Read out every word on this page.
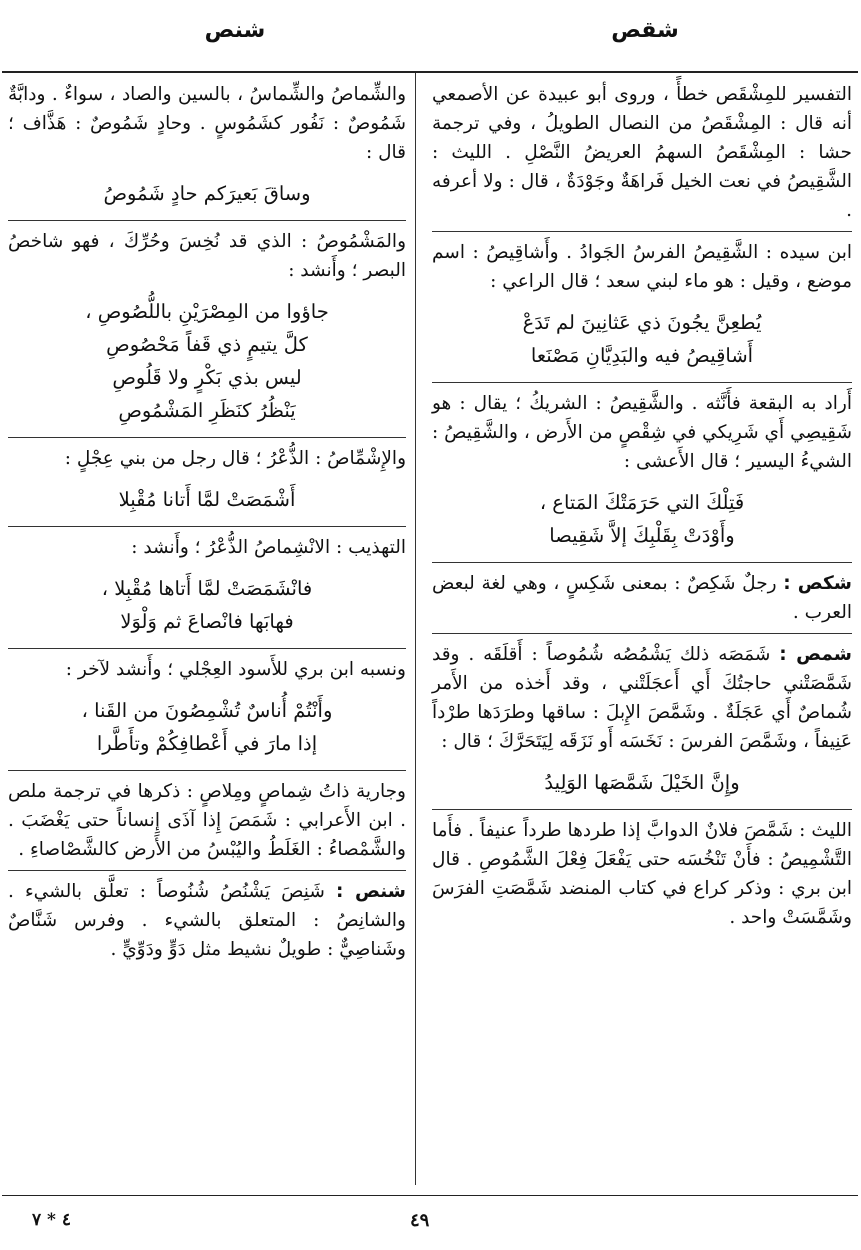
شقص
شنص

التفسير للمِشْقَص خطأً ، وروى أبو عبيدة عن الأصمعي أنه قال : المِشْقَصُ من النصال الطويلُ ، وفي ترجمة حشا : المِشْقَصُ السهمُ العريضُ النَّصْلِ . الليث : الشَّقِيصُ في نعت الخيل فَراهَةٌ وجَوْدَةٌ ، قال : ولا أعرفه .

ابن سيده : الشَّقِيصُ الفرسُ الجَوادُ . وأَشاقِيصُ : اسم موضع ، وقيل : هو ماء لبني سعد ؛ قال الراعي :

يُطعِنَّ يجُونَ ذي عَثانِينَ لم تَدَعْ
أَشاقِيصُ فيه والبَدِيَّانِ مَصْنَعا

أَراد به البقعة فأَنَّثه . والشَّقِيصُ : الشريكُ ؛ يقال : هو شَقِيصِي أَي شَرِيكي في شِقْصٍ من الأَرض ، والشَّقِيصُ : الشيءُ اليسير ؛ قال الأَعشى :

فَتِلْكَ التي حَرَمَتْكَ المَتاع ،
وأَوْدَتْ بِقَلْبِكَ إلاَّ شَقِيصا

شكص : رجلٌ شَكِصٌ : بمعنى شَكِسٍ ، وهي لغة لبعض العرب .

شمص : شَمَصَه ذلك يَشْمُصُه شُمُوصاً : أَقلَقَه . وقد شَمَّصَتْني حاجتُكَ أَي أَعجَلَتْني ، وقد أَخذه من الأَمر شُماصٌ أَي عَجَلَةٌ . وشَمَّصَ الإِبلَ : ساقها وطرَدَها طرْداً عَنِيفاً ، وشَمَّصَ الفرسَ : نَخَسَه أَو نَزَقَه لِيَتَحَرَّكَ ؛ قال :

وإِنَّ الخَيْلَ شَمَّصَها الوَلِيدُ

الليث : شَمَّصَ فلانٌ الدوابَّ إذا طردها طرداً عنيفاً . فأَما التَّشْمِيصُ : فأَنْ تَنْخُسَه حتى يَفْعَلَ فِعْلَ الشَّمُوصِ . قال ابن بري : وذكر كراع في كتاب المنضد شَمَّصَتِ الفرَسَ وشَمَّسَتْ واحد .

والشِّماصُ والشِّماسُ ، بالسين والصاد ، سواءٌ . ودابَّةٌ شَمُوصٌ : نَفُور كشَمُوسٍ . وحادٍ شَمُوصٌ : هَذَّاف ؛ قال :

وساقَ بَعيرَكم حادٍ شَمُوصُ

والمَشْمُوصُ : الذي قد نُخِسَ وحُرِّكَ ، فهو شاخصُ البصر ؛ وأَنشد :

جاؤوا من المِصْرَيْنِ باللُّصُوصِ ،
كلَّ يتيمٍ ذي قَفاً مَحْصُوصِ
ليس بذي بَكْرٍ ولا قَلُوصِ
يَنْظُرُ كنَظَرِ المَشْمُوصِ

والإِشْمِّاصُ : الذُّعْرُ ؛ قال رجل من بني عِجْلٍ :

أَشْمَصَتْ لمَّا أَتانا مُقْبِلا

التهذيب : الانْشِماصُ الذُّعْرُ ؛ وأَنشد :

فانْشَمَصَتْ لمَّا أَتاها مُقْبِلا ،
فهابَها فانْصاعَ ثم وَلْوَلا

ونسبه ابن بري للأَسود العِجْلي ؛ وأَنشد لآخر :

وأَنْتُمْ أُناسٌ تُشْمِصُونَ من القَنا ،
إذا مارَ في أَعْطافِكُمْ وتأَطَّرا

وجارية ذاتُ شِماصٍ ومِلاصٍ : ذكرها في ترجمة ملص . ابن الأَعرابي : شَمَصَ إِذا آذَى إِنساناً حتى يَغْضَبَ . والشَّمْصاءُ : الغَلَطُ واليُبْسُ من الأَرض كالشَّصْاصاءِ .

شنص : شَنِصَ يَشْنُصُ شُنُوصاً : تعلَّق بالشيء . والشانِصُ : المتعلق بالشيء . وفرس شَنَّاصٌ وشَناصِيٌّ : طويلٌ نشيط مثل دَوٍّ ودَوِّيٍّ .

٤٩
٤ * ٧
